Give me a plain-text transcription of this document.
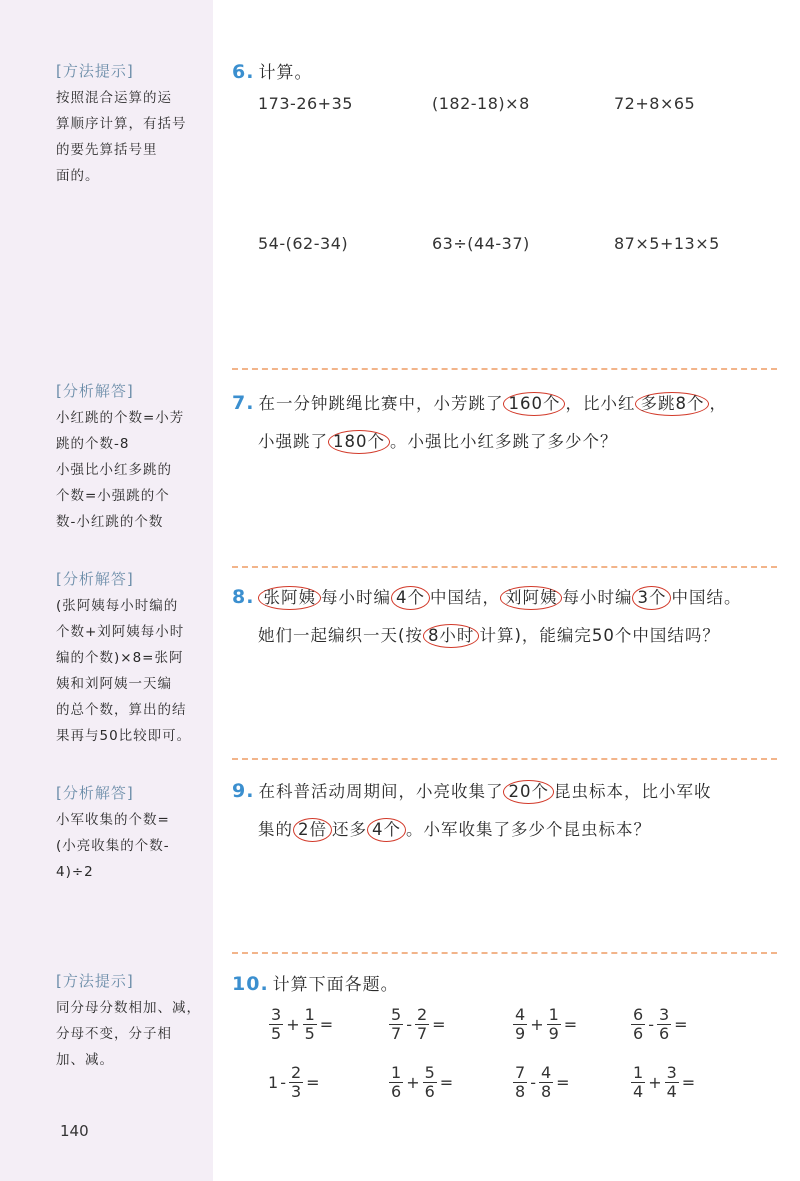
[方法提示]
按照混合运算的运
算顺序计算，有括号
的要先算括号里
面的。
[分析解答]
小红跳的个数=小芳
跳的个数-8
小强比小红多跳的
个数=小强跳的个
数-小红跳的个数
[分析解答]
(张阿姨每小时编的
个数+刘阿姨每小时
编的个数)×8=张阿
姨和刘阿姨一天编
的总个数，算出的结
果再与50比较即可。
[分析解答]
小军收集的个数=
(小亮收集的个数-
4)÷2
[方法提示]
同分母分数相加、减，
分母不变，分子相
加、减。
140
6. 计算。
173-26+35	(182-18)×8	72+8×65
54-(62-34)	63÷(44-37)	87×5+13×5
7. 在一分钟跳绳比赛中，小芳跳了 160个 ，比小红 多跳8个 ，
小强跳了 180个 。小强比小红多跳了多少个？
8. 张阿姨 每小时编 4个 中国结， 刘阿姨 每小时编 3个 中国结。
她们一起编织一天(按 8小时 计算)，能编完50个中国结吗？
9. 在科普活动周期间，小亮收集了 20个 昆虫标本，比小军收
集的 2倍 还多 4个 。小军收集了多少个昆虫标本？
10. 计算下面各题。
$\frac{3}{5} + \frac{1}{5}$ =	$\frac{5}{7} - \frac{2}{7}$ =	$\frac{4}{9} + \frac{1}{9}$ =	$\frac{6}{6} - \frac{3}{6}$ =
$1 - \frac{2}{3}$ =	$\frac{1}{6} + \frac{5}{6}$ =	$\frac{7}{8} - \frac{4}{8}$ =	$\frac{1}{4} + \frac{3}{4}$ =
